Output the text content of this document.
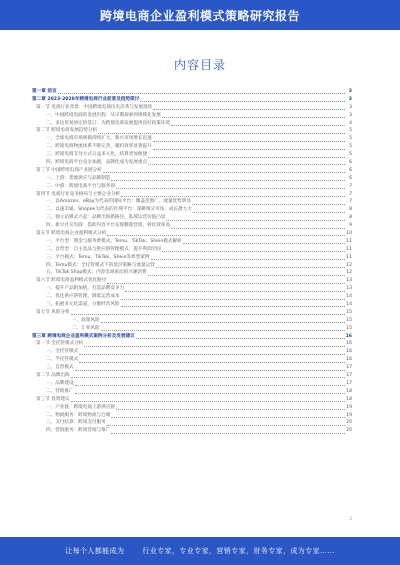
跨境电商企业盈利模式策略研究报告
内容目录
第一章 前言	3
第二章 2023-2028年跨境电商行业前景及趋势探讨	3
第一节 电商行业背景：中国跨境电商历史沿革与发展现状	3
一、中国跨境电商的发展历程：从早期探索到规模化发展	3
二、多边贸易协定的签订：为跨境电商发展提供良好政策环境	4
第二节 跨境电商发展趋势分析	5
一、全球电商市场规模持续扩大，新兴市场增长迅速	5
二、跨境电商物流体系不断完善，履约效率显著提升	5
三、跨境电商支付方式日益多元化，结算更加便捷	5
四、跨境电商平台竞争加剧，品牌化成为发展重点	6
第三节 中国跨境电商产业链分析	6
一、上游：货源供应与品牌制造	6
二、中游：跨境电商平台与服务商	7
第四节 电商行业竞争格局与主要企业分析	7
一、以Amazon、eBay为代表的国际平台：覆盖范围广、流量优势明显	7
二、以速卖通、Shopee为代表的区域平台：深耕细分市场，成长潜力大	8
三、独立站模式兴起：品牌出海新路径，私域运营价值凸显	8
四、新兴社交电商：借助内容平台实现精准营销，转化效率高	9
第五节 跨境电商企业盈利模式分析	10
一、平台型：佣金与服务费模式，Temu、TikTok、Shein模式解析	11
二、自营型：自主选品与供应链管理模式，提升利润空间	11
三、平台模式：Temu、TikTok、Shein等典型案例	11
四、Temu模式：全托管模式下的低价策略与流量运营	12
五、TikTok Shop模式：内容电商驱动的兴趣消费	12
第六节 跨境电商盈利模式优化路径	13
一、提升产品附加值，打造品牌竞争力	13
二、优化供应链管理，降低运营成本	14
三、拓展多元化渠道，分散经营风险	14
第七节 风险分析	15
一、政策风险	15
二、汇率风险	15
第三章 跨境电商企业盈利模式案例分析及发展建议	16
第一节 全托管模式分析	16
一、全托管模式	16
二、半托管模式	16
三、自营模式	17
第二节 品牌出海	17
一、品牌建设	17
二、营销推广	18
第三节 投资建议	18
一、产业链：跨境电商上游供应链	19
二、物流服务：跨境物流与仓储	19
三、支付结算：跨境支付服务	20
四、营销服务：跨境营销与推广	20
2
让每个人都能成为	行业专家，专业专家，营销专家，财务专家，成为专家……
